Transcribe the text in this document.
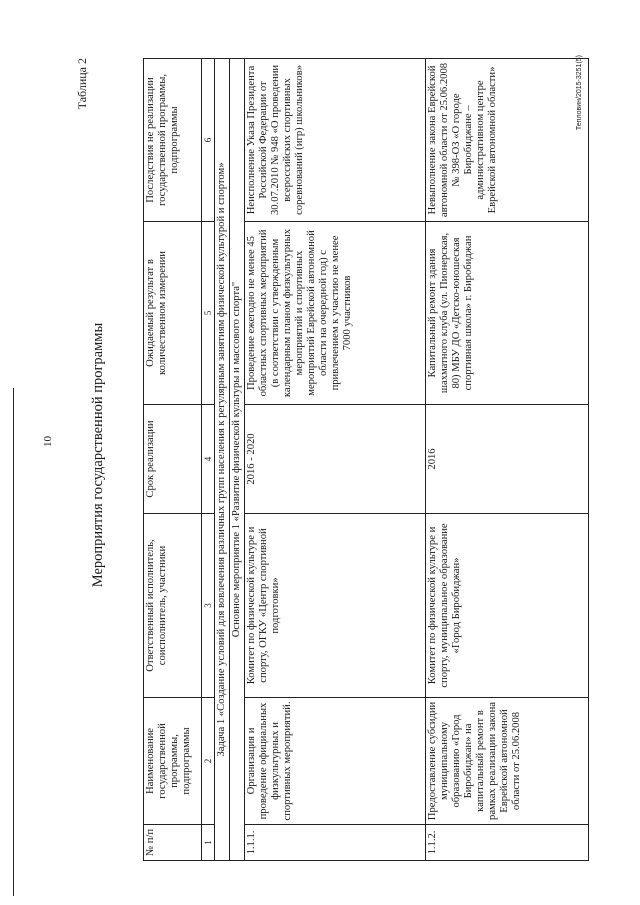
10 Мероприятия государственной программы
Таблица 2
№ п/п	Наименование государственной программы, подпрограммы	Ответственный исполнитель, соисполнитель, участники	Срок реализации	Ожидаемый результат в количественном измерении	Последствия не реализации государственной программы, подпрограммы
1	2	3	4	5	6
Задача 1 «Создание условий для вовлечения различных групп населения к регулярным занятиям физической культурой и спортом»					
Основное мероприятие 1 «Развитие физической культуры и массового спорта"					
1.1.1.	Организация и проведение официальных физкультурных и спортивных мероприятий.	Комитет по физической культуре и спорту, ОГКУ «Центр спортивной подготовки»	2016 - 2020	Проведение ежегодно не менее 45 областных спортивных мероприятий (в соответствии с утвержденным календарным планом физкультурных мероприятий и спортивных мероприятий Еврейской автономной области на очередной год) с привлечением к участию не менее 7000 участников	Неисполнение Указа Президента Российской Федерации от 30.07.2010 № 948 «О проведении всероссийских спортивных соревнований (игр) школьников»
1.1.2.	Предоставление субсидии муниципальному образованию «Город Биробиджан» на капитальный ремонт в рамках реализации закона Еврейской автономной области от 25.06.2008	Комитет по физической культуре и спорту, муниципальное образование «Город Биробиджан»	2016	Капитальный ремонт здания шахматного клуба (ул. Пионерская, 80) МБУ ДО «Детско-юношеская спортивная школа» г. Биробиджан	Невыполнение закона Еврейской автономной области от 25.06.2008 № 398-ОЗ «О городе Биробиджане – административном центре Еврейской автономной области»	Тепловин/2015-3251(5)
